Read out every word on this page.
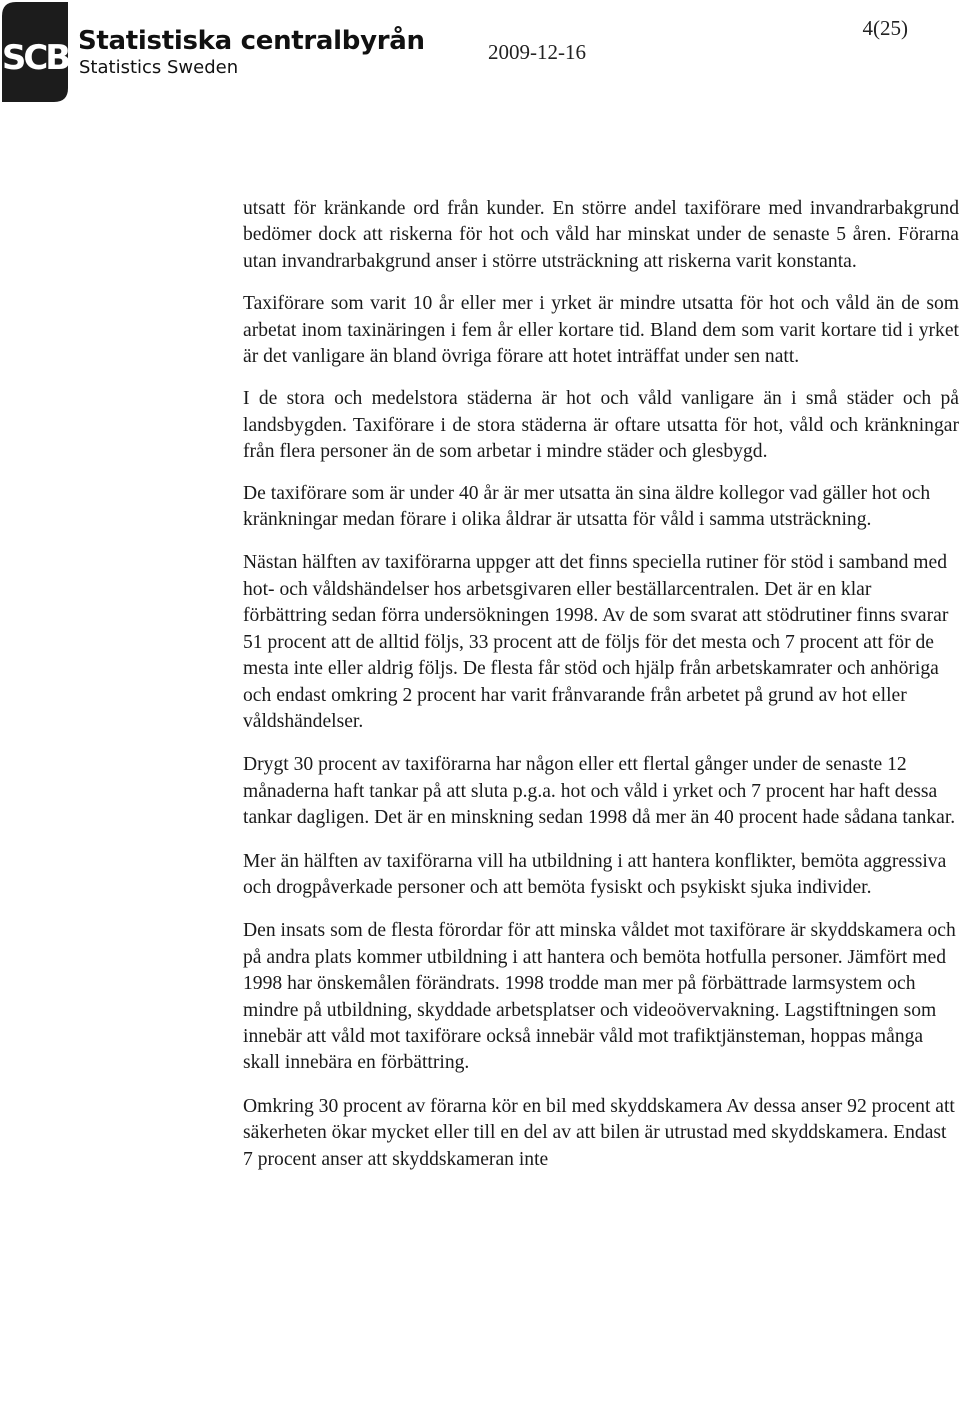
SCB Statistiska centralbyrån
Statistics Sweden
2009-12-16
4(25)

utsatt för kränkande ord från kunder. En större andel taxiförare med invandrarbakgrund bedömer dock att riskerna för hot och våld har minskat under de senaste 5 åren. Förarna utan invandrarbakgrund anser i större utsträckning att riskerna varit konstanta.

Taxiförare som varit 10 år eller mer i yrket är mindre utsatta för hot och våld än de som arbetat inom taxinäringen i fem år eller kortare tid. Bland dem som varit kortare tid i yrket är det vanligare än bland övriga förare att hotet inträffat under sen natt.

I de stora och medelstora städerna är hot och våld vanligare än i små städer och på landsbygden. Taxiförare i de stora städerna är oftare utsatta för hot, våld och kränkningar från flera personer än de som arbetar i mindre städer och glesbygd.

De taxiförare som är under 40 år är mer utsatta än sina äldre kollegor vad gäller hot och kränkningar medan förare i olika åldrar är utsatta för våld i samma utsträckning.

Nästan hälften av taxiförarna uppger att det finns speciella rutiner för stöd i samband med hot- och våldshändelser hos arbetsgivaren eller beställarcentralen. Det är en klar förbättring sedan förra undersökningen 1998. Av de som svarat att stödrutiner finns svarar 51 procent att de alltid följs, 33 procent att de följs för det mesta och 7 procent att för de mesta inte eller aldrig följs. De flesta får stöd och hjälp från arbetskamrater och anhöriga och endast omkring 2 procent har varit frånvarande från arbetet på grund av hot eller våldshändelser.

Drygt 30 procent av taxiförarna har någon eller ett flertal gånger under de senaste 12 månaderna haft tankar på att sluta p.g.a. hot och våld i yrket och 7 procent har haft dessa tankar dagligen. Det är en minskning sedan 1998 då mer än 40 procent hade sådana tankar.

Mer än hälften av taxiförarna vill ha utbildning i att hantera konflikter, bemöta aggressiva och drogpåverkade personer och att bemöta fysiskt och psykiskt sjuka individer.

Den insats som de flesta förordar för att minska våldet mot taxiförare är skyddskamera och på andra plats kommer utbildning i att hantera och bemöta hotfulla personer. Jämfört med 1998 har önskemålen förändrats. 1998 trodde man mer på förbättrade larmsystem och mindre på utbildning, skyddade arbetsplatser och videoövervakning. Lagstiftningen som innebär att våld mot taxiförare också innebär våld mot trafiktjänsteman, hoppas många skall innebära en förbättring.

Omkring 30 procent av förarna kör en bil med skyddskamera Av dessa anser 92 procent att säkerheten ökar mycket eller till en del av att bilen är utrustad med skyddskamera. Endast 7 procent anser att skyddskameran inte
